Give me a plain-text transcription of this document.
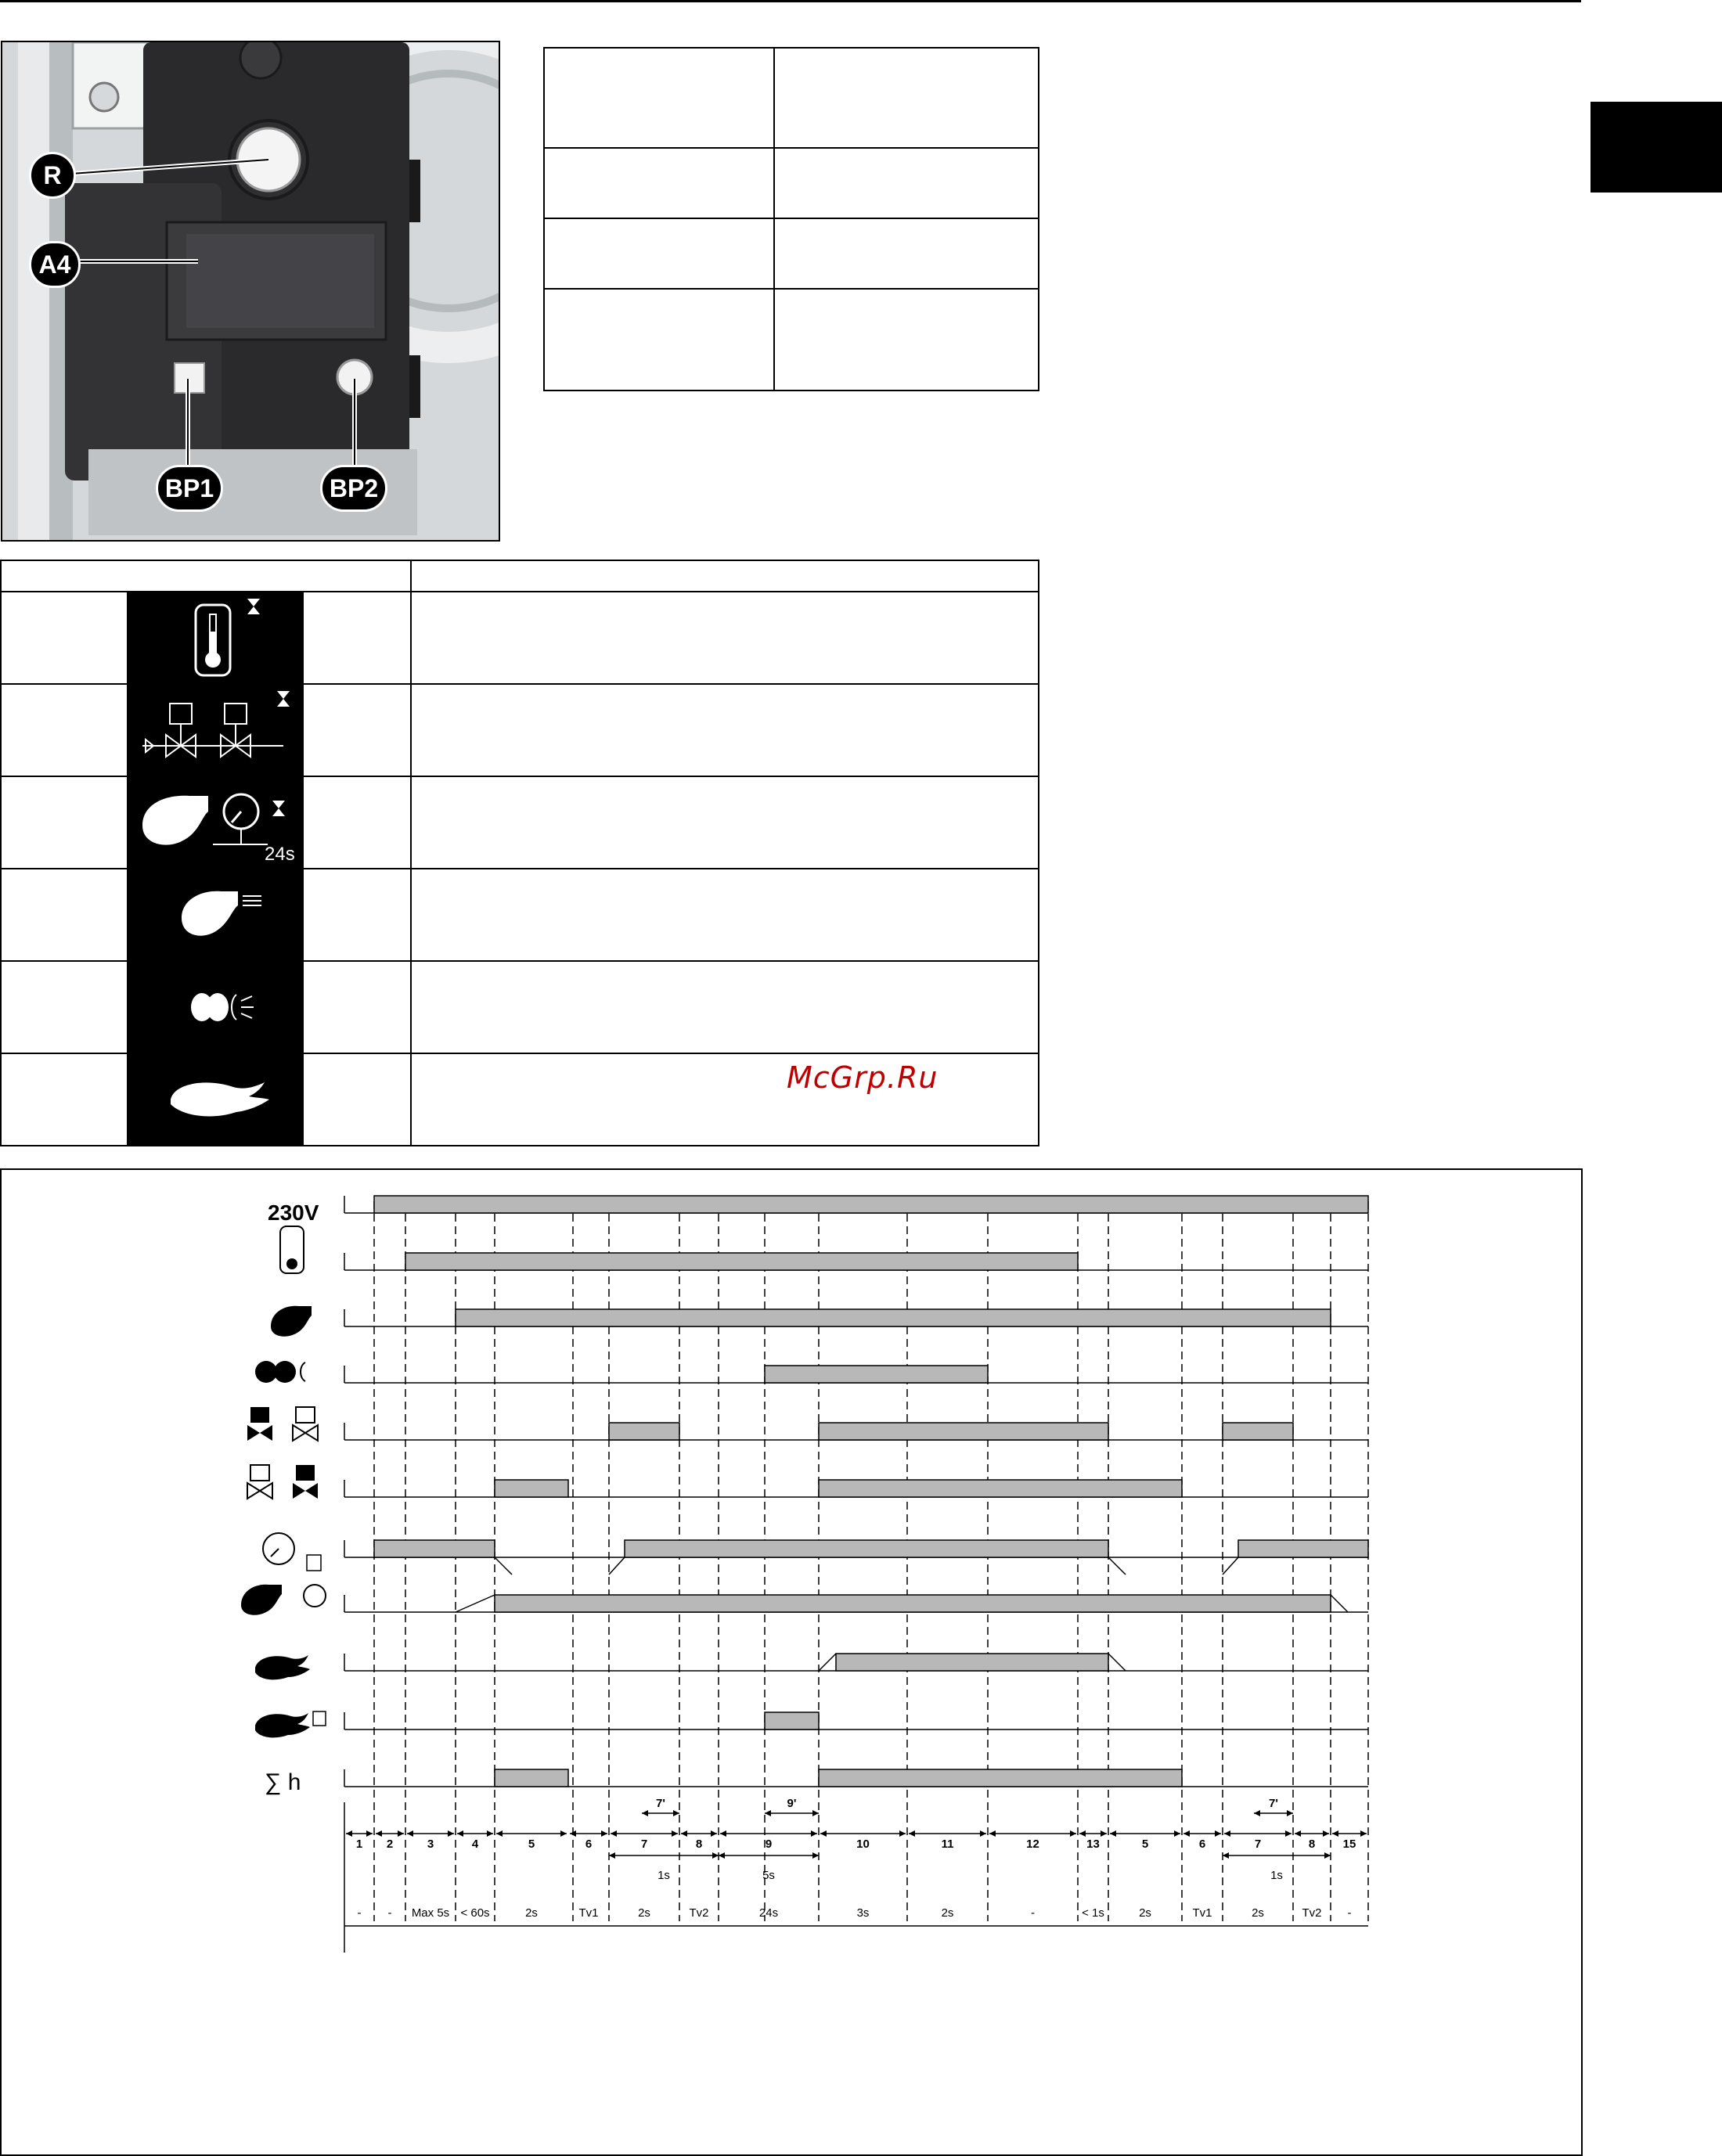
R
A4
BP1	BP2

24s	

McGrp.Ru
230V
∑ h
1
-
2
-
3
Max 5s
4
< 60s
5
2s
6
Tv1
7
2s
8
Tv2
9
24s
10
3s
11
2s
12
-
13
< 1s
5
2s
6
Tv1
7
2s
8
Tv2
15
-
7'	9'	7'
1s	5s	1s
